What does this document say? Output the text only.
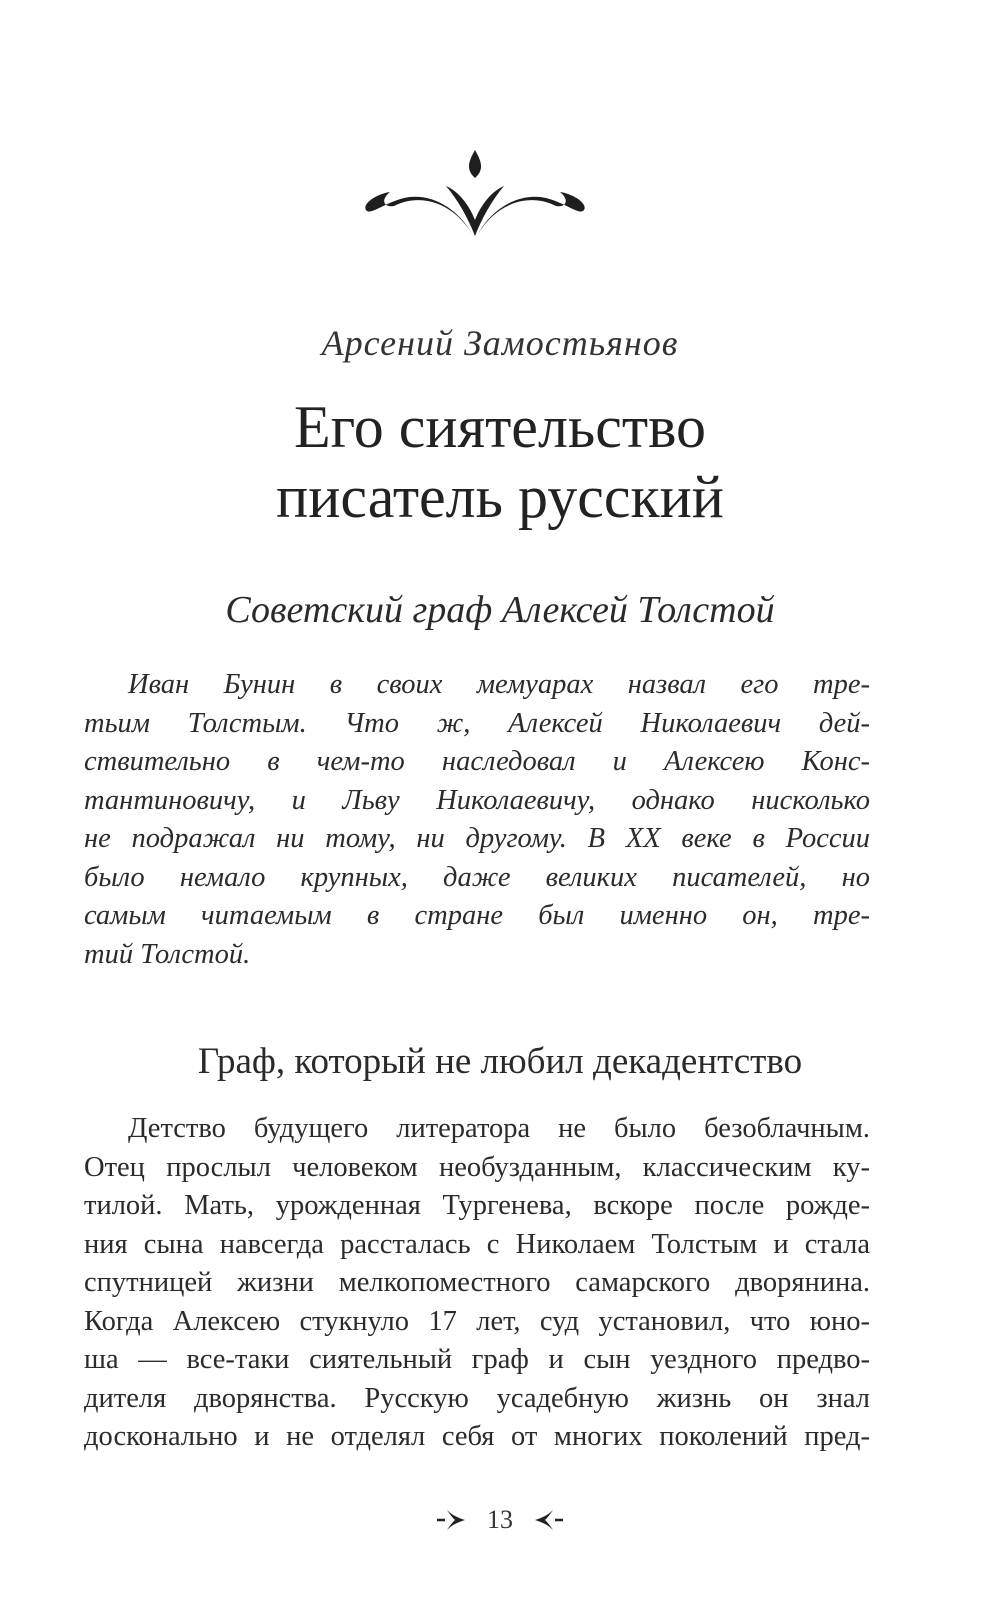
Арсений Замостьянов
Его сиятельство
писатель русский
Советский граф Алексей Толстой
Иван Бунин в своих мемуарах назвал его тре-
тьим Толстым. Что ж, Алексей Николаевич дей-
ствительно в чем-то наследовал и Алексею Конс-
тантиновичу, и Льву Николаевичу, однако нисколько
не подражал ни тому, ни другому. В XX веке в России
было немало крупных, даже великих писателей, но
самым читаемым в стране был именно он, тре-
тий Толстой.
Граф, который не любил декадентство
Детство будущего литератора не было безоблачным.
Отец прослыл человеком необузданным, классическим ку-
тилой. Мать, урожденная Тургенева, вскоре после рожде-
ния сына навсегда рассталась с Николаем Толстым и стала
спутницей жизни мелкопоместного самарского дворянина.
Когда Алексею стукнуло 17 лет, суд установил, что юно-
ша — все-таки сиятельный граф и сын уездного предво-
дителя дворянства. Русскую усадебную жизнь он знал
досконально и не отделял себя от многих поколений пред-
13
